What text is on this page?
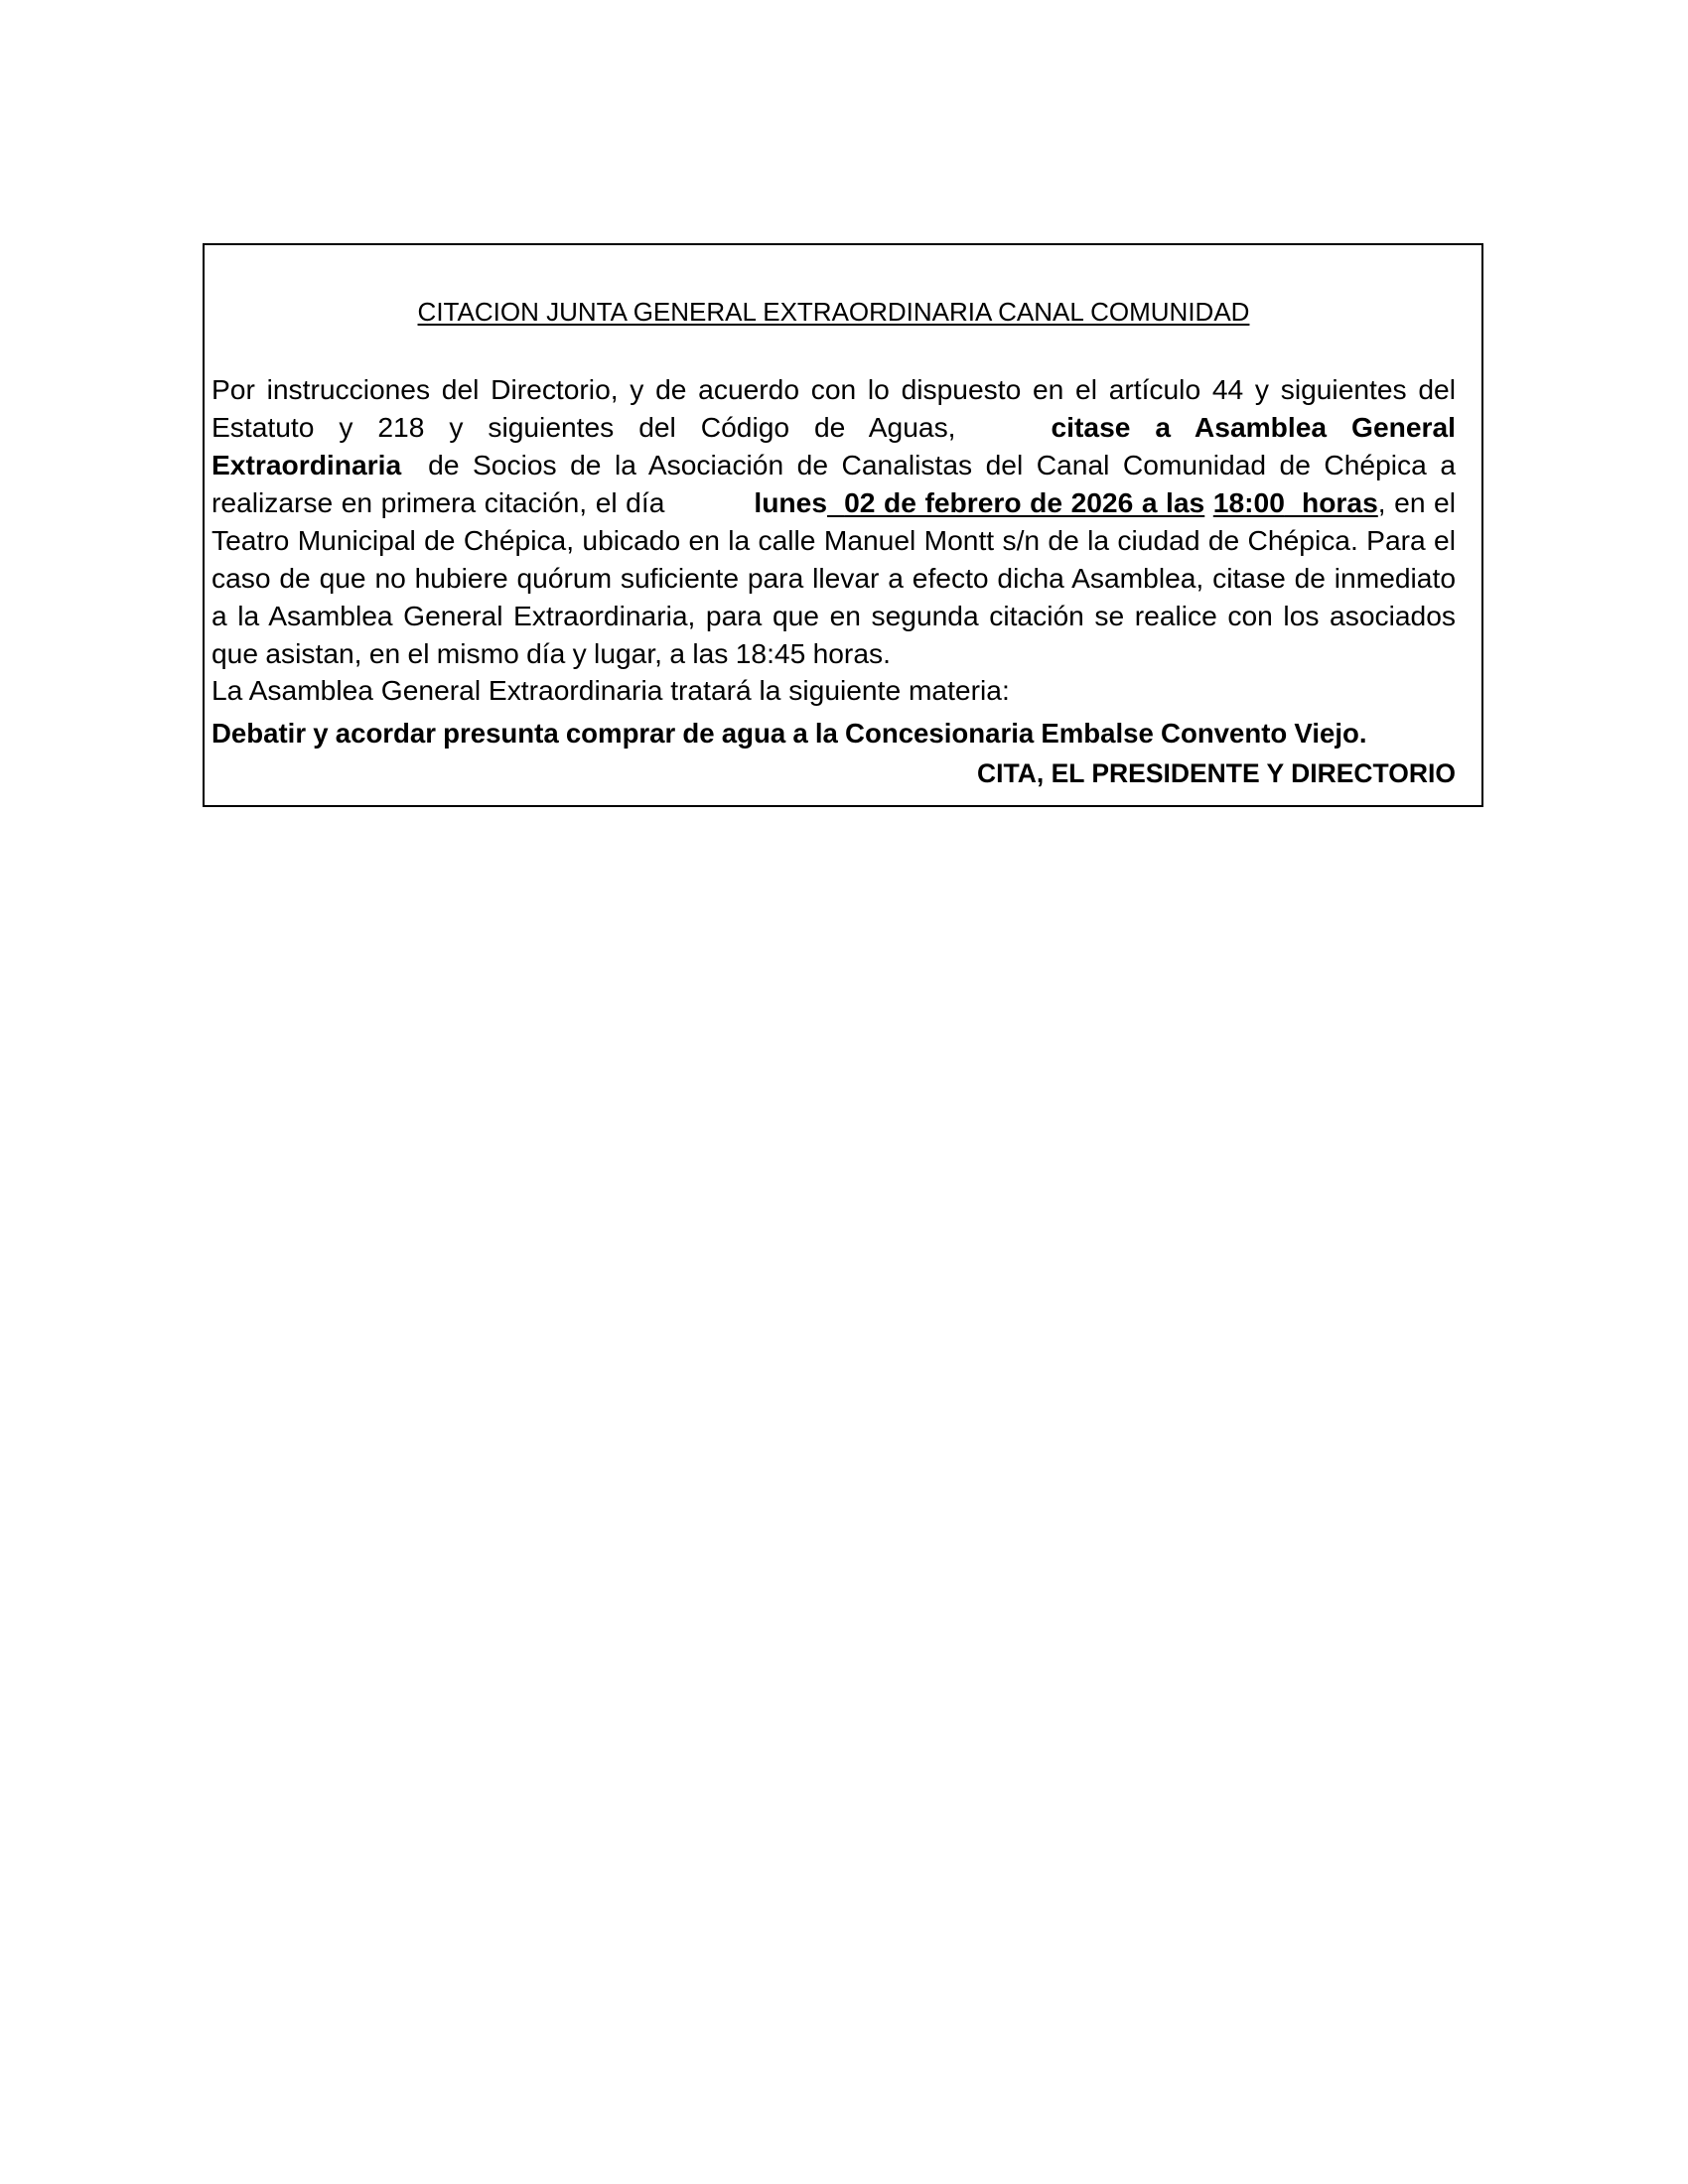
CITACION JUNTA GENERAL EXTRAORDINARIA CANAL COMUNIDAD

Por instrucciones del Directorio, y de acuerdo con lo dispuesto en el artículo 44 y siguientes del Estatuto y 218 y siguientes del Código de Aguas,	citase a Asamblea General Extraordinaria de Socios de la Asociación de Canalistas del Canal Comunidad de Chépica a realizarse en primera citación, el día	lunes 02 de febrero de 2026 a las 18:00 horas, en el Teatro Municipal de Chépica, ubicado en la calle Manuel Montt s/n de la ciudad de Chépica. Para el caso de que no hubiere quórum suficiente para llevar a efecto dicha Asamblea, citase de inmediato a la Asamblea General Extraordinaria, para que en segunda citación se realice con los asociados que asistan, en el mismo día y lugar, a las 18:45 horas.

La Asamblea General Extraordinaria tratará la siguiente materia:

Debatir y acordar presunta comprar de agua a la Concesionaria Embalse Convento Viejo.

CITA, EL PRESIDENTE Y DIRECTORIO
